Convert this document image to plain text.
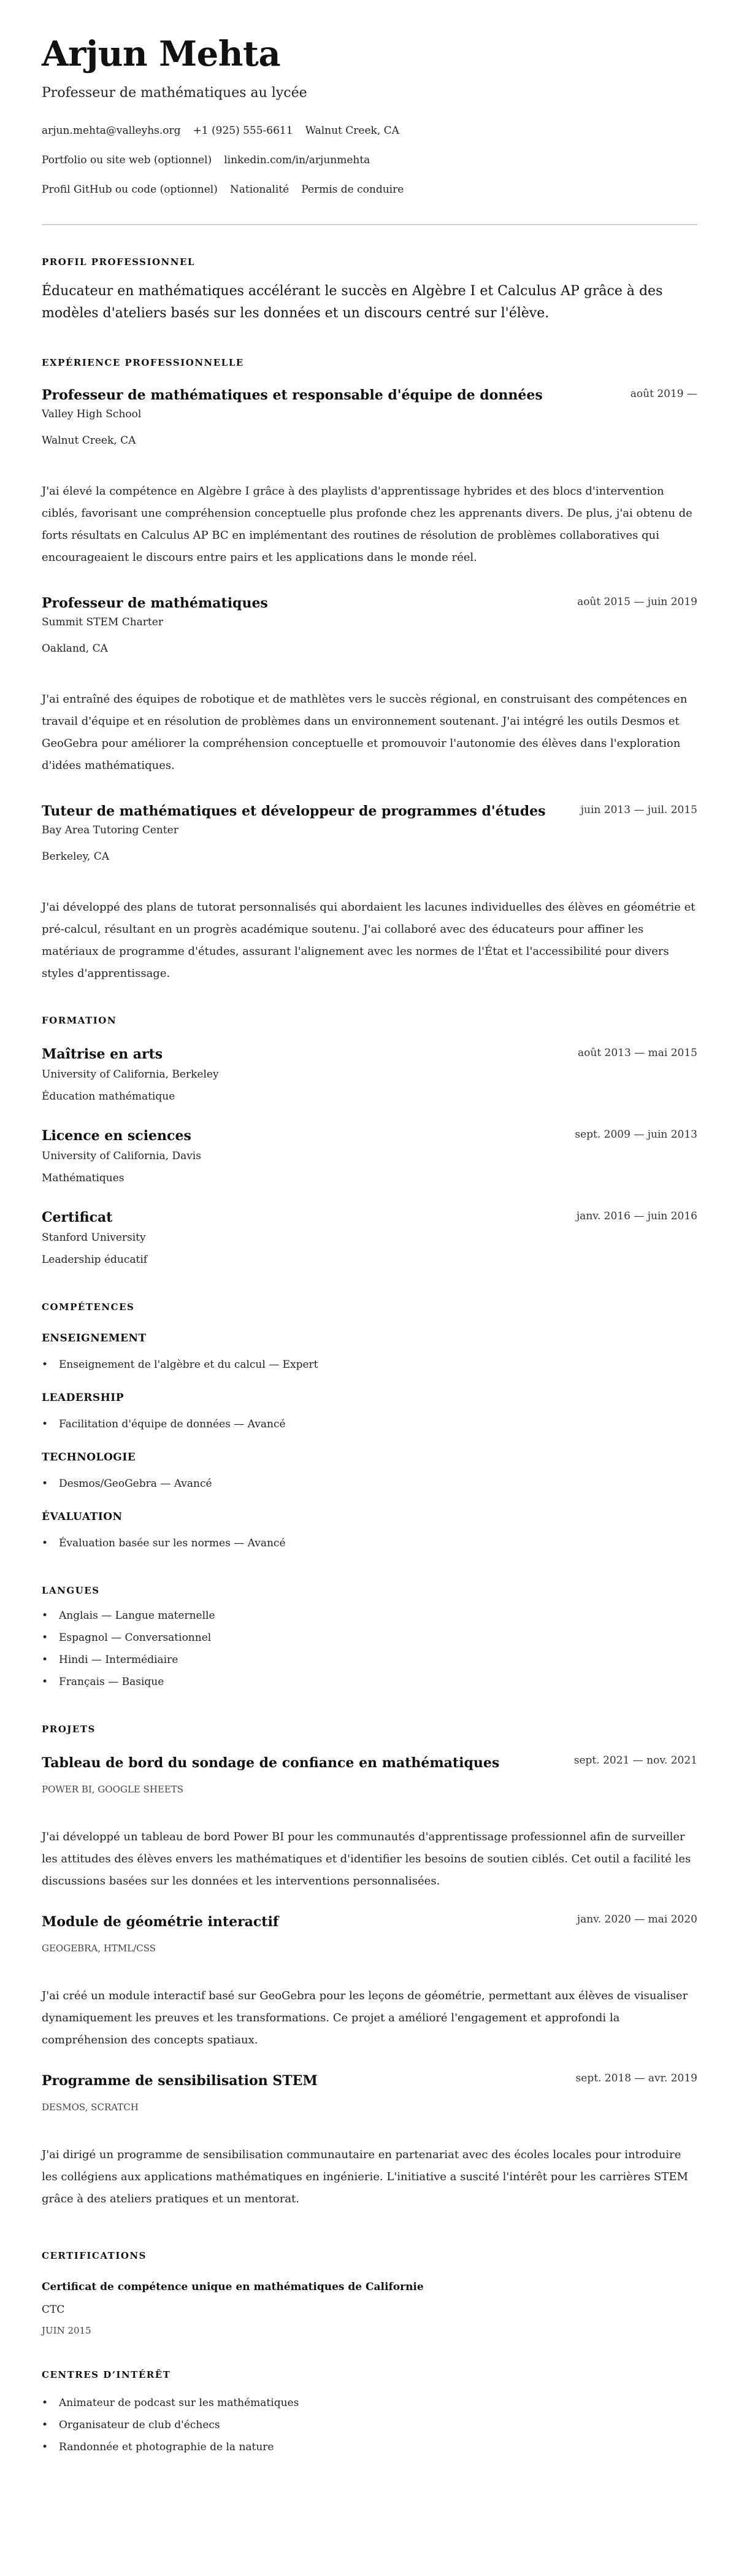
Arjun Mehta
Professeur de mathématiques au lycée
arjun.mehta@valleyhs.org +1 (925) 555-6611 Walnut Creek, CA
Portfolio ou site web (optionnel) linkedin.com/in/arjunmehta
Profil GitHub ou code (optionnel) Nationalité Permis de conduire
PROFIL PROFESSIONNEL

Éducateur en mathématiques accélérant le succès en Algèbre I et Calculus AP grâce à des modèles d'ateliers basés sur les données et un discours centré sur l'élève.

EXPÉRIENCE PROFESSIONNELLE
Professeur de mathématiques et responsable d'équipe de données	août 2019 —
Valley High School
Walnut Creek, CA
J'ai élevé la compétence en Algèbre I grâce à des playlists d'apprentissage hybrides et des blocs d'intervention ciblés, favorisant une compréhension conceptuelle plus profonde chez les apprenants divers. De plus, j'ai obtenu de forts résultats en Calculus AP BC en implémentant des routines de résolution de problèmes collaboratives qui encourageaient le discours entre pairs et les applications dans le monde réel.
Professeur de mathématiques	août 2015 — juin 2019
Summit STEM Charter
Oakland, CA
J'ai entraîné des équipes de robotique et de mathlètes vers le succès régional, en construisant des compétences en travail d'équipe et en résolution de problèmes dans un environnement soutenant. J'ai intégré les outils Desmos et GeoGebra pour améliorer la compréhension conceptuelle et promouvoir l'autonomie des élèves dans l'exploration d'idées mathématiques.
Tuteur de mathématiques et développeur de programmes d'études	juin 2013 — juil. 2015
Bay Area Tutoring Center
Berkeley, CA
J'ai développé des plans de tutorat personnalisés qui abordaient les lacunes individuelles des élèves en géométrie et pré-calcul, résultant en un progrès académique soutenu. J'ai collaboré avec des éducateurs pour affiner les matériaux de programme d'études, assurant l'alignement avec les normes de l'État et l'accessibilité pour divers styles d'apprentissage.
FORMATION
Maîtrise en arts	août 2013 — mai 2015
University of California, Berkeley
Éducation mathématique
Licence en sciences	sept. 2009 — juin 2013
University of California, Davis
Mathématiques
Certificat	janv. 2016 — juin 2016
Stanford University
Leadership éducatif
COMPÉTENCES
ENSEIGNEMENT
• Enseignement de l'algèbre et du calcul — Expert
LEADERSHIP
• Facilitation d'équipe de données — Avancé
TECHNOLOGIE
• Desmos/GeoGebra — Avancé
ÉVALUATION
• Évaluation basée sur les normes — Avancé
LANGUES
• Anglais — Langue maternelle
• Espagnol — Conversationnel
• Hindi — Intermédiaire
• Français — Basique
PROJETS
Tableau de bord du sondage de confiance en mathématiques	sept. 2021 — nov. 2021
POWER BI, GOOGLE SHEETS
J'ai développé un tableau de bord Power BI pour les communautés d'apprentissage professionnel afin de surveiller les attitudes des élèves envers les mathématiques et d'identifier les besoins de soutien ciblés. Cet outil a facilité les discussions basées sur les données et les interventions personnalisées.
Module de géométrie interactif	janv. 2020 — mai 2020
GEOGEBRA, HTML/CSS
J'ai créé un module interactif basé sur GeoGebra pour les leçons de géométrie, permettant aux élèves de visualiser dynamiquement les preuves et les transformations. Ce projet a amélioré l'engagement et approfondi la compréhension des concepts spatiaux.
Programme de sensibilisation STEM	sept. 2018 — avr. 2019
DESMOS, SCRATCH
J'ai dirigé un programme de sensibilisation communautaire en partenariat avec des écoles locales pour introduire les collégiens aux applications mathématiques en ingénierie. L'initiative a suscité l'intérêt pour les carrières STEM grâce à des ateliers pratiques et un mentorat.
CERTIFICATIONS
Certificat de compétence unique en mathématiques de Californie
CTC
JUIN 2015
CENTRES D’INTÉRÊT
• Animateur de podcast sur les mathématiques
• Organisateur de club d'échecs
• Randonnée et photographie de la nature
